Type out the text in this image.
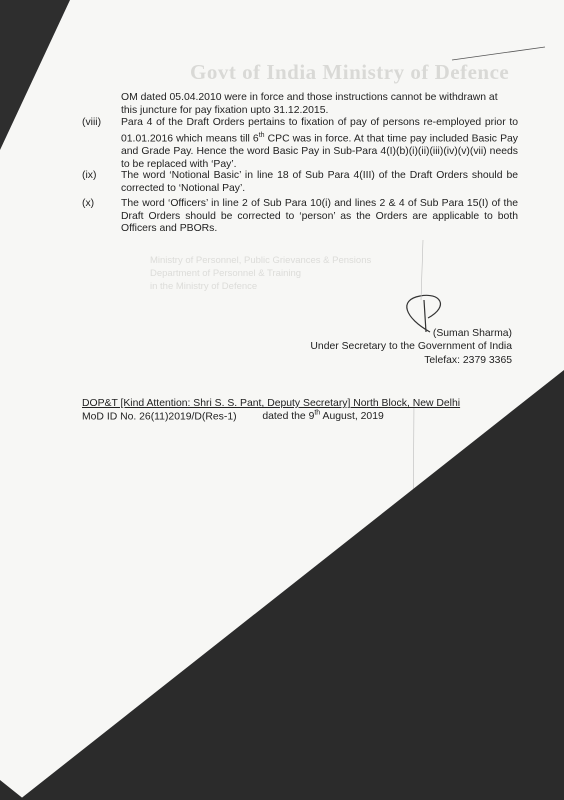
Govt of India Ministry of Defence
Ministry of Personnel, Public Grievances & Pensions
Department of Personnel & Training
in the Ministry of Defence
OM dated 05.04.2010 were in force and those instructions cannot be withdrawn at this juncture for pay fixation upto 31.12.2015.
(viii)	Para 4 of the Draft Orders pertains to fixation of pay of persons re-employed prior to 01.01.2016 which means till 6th CPC was in force. At that time pay included Basic Pay and Grade Pay. Hence the word Basic Pay in Sub-Para 4(I)(b)(i)(ii)(iii)(iv)(v)(vii) needs to be replaced with ‘Pay’.
(ix)	The word ‘Notional Basic’ in line 18 of Sub Para 4(III) of the Draft Orders should be corrected to ‘Notional Pay’.
(x)	The word ‘Officers’ in line 2 of Sub Para 10(i) and lines 2 & 4 of Sub Para 15(I) of the Draft Orders should be corrected to ‘person’ as the Orders are applicable to both Officers and PBORs.
(Suman Sharma)
Under Secretary to the Government of India
Telefax: 2379 3365
DOP&T [Kind Attention: Shri S. S. Pant, Deputy Secretary] North Block, New Delhi
MoD ID No. 26(11)2019/D(Res-1) dated the 9th August, 2019
